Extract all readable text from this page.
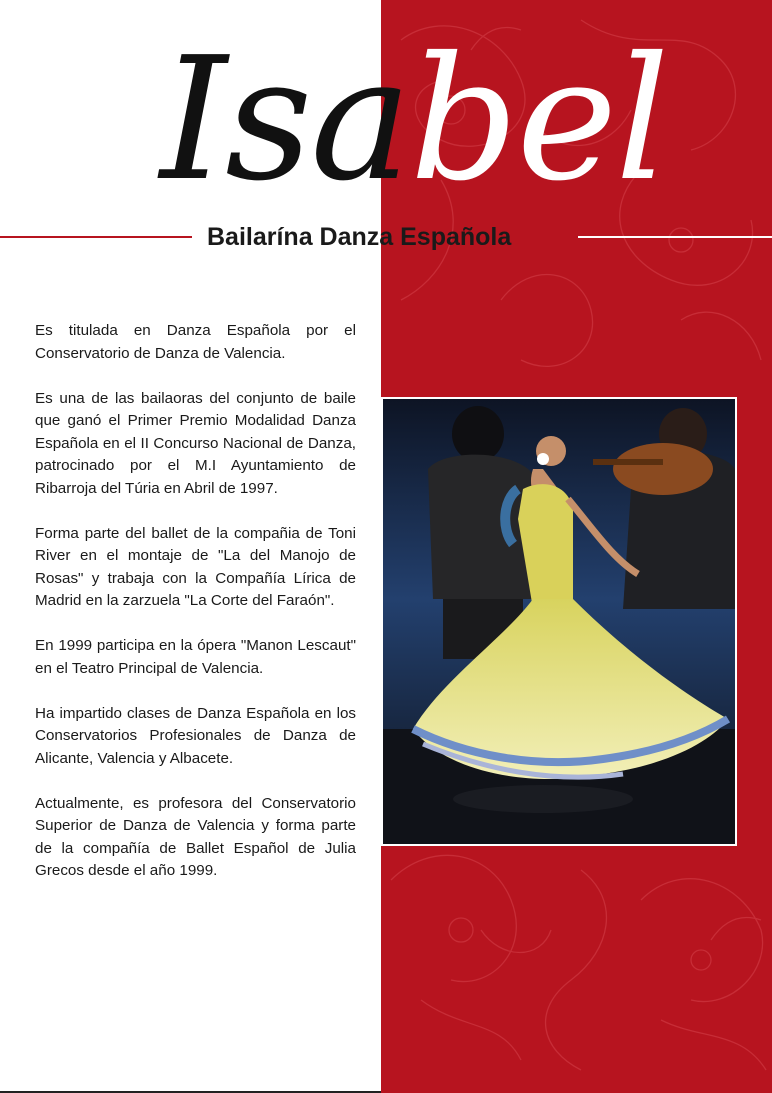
Isabel
Bailarína Danza Española

Es titulada en Danza Española por el Conservatorio de Danza de Valencia.

Es una de las bailaoras del conjunto de baile que ganó el Primer Premio Modalidad Danza Española en el II Concurso Nacional de Danza, patrocinado por el M.I Ayuntamiento de Ribarroja del Túria en Abril de 1997.

Forma parte del ballet de la compañia de Toni River en el montaje de "La del Manojo de Rosas" y trabaja con la Compañía Lírica de Madrid en la zarzuela "La Corte del Faraón".

En 1999 participa en la ópera "Manon Lescaut" en el Teatro Principal de Valencia.

Ha impartido clases de Danza Española en los Conservatorios Profesionales de Danza de Alicante, Valencia y Albacete.

Actualmente, es profesora del Conservatorio Superior de Danza de Valencia y forma parte de la compañía de Ballet Español de Julia Grecos desde el año 1999.
